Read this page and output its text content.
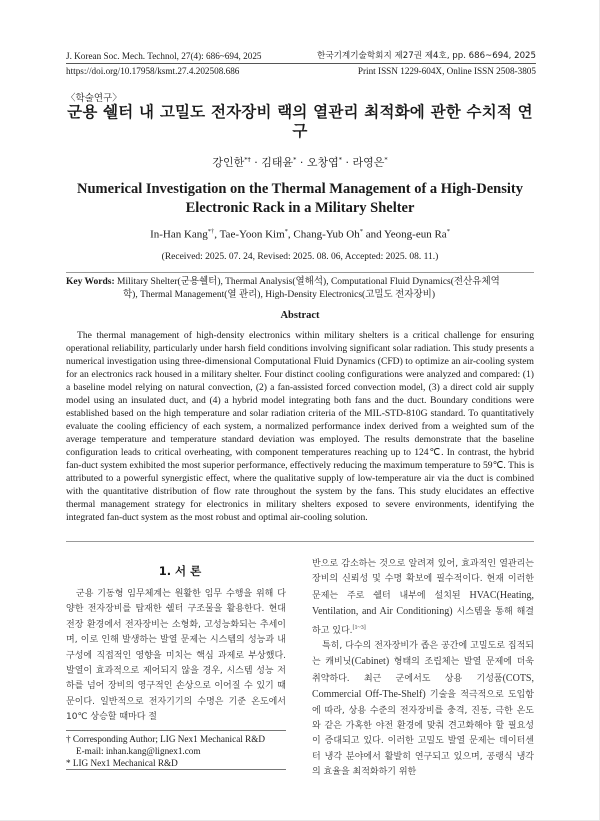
J. Korean Soc. Mech. Technol, 27(4): 686~694, 2025	한국기계기술학회지 제27권 제4호, pp. 686~694, 2025
https://doi.org/10.17958/ksmt.27.4.202508.686	Print ISSN 1229-604X, Online ISSN 2508-3805
〈학술연구〉
군용 쉘터 내 고밀도 전자장비 랙의 열관리 최적화에 관한 수치적 연구
강인한*† · 김태윤* · 오창엽* · 라영은*
Numerical Investigation on the Thermal Management of a High-Density Electronic Rack in a Military Shelter
In-Han Kang*†, Tae-Yoon Kim*, Chang-Yub Oh* and Yeong-eun Ra*
(Received: 2025. 07. 24, Revised: 2025. 08. 06, Accepted: 2025. 08. 11.)
Key Words: Military Shelter(군용쉘터), Thermal Analysis(열해석), Computational Fluid Dynamics(전산유체역
학), Thermal Management(열 관리), High-Density Electronics(고밀도 전자장비)
Abstract

The thermal management of high-density electronics within military shelters is a critical challenge for ensuring operational reliability, particularly under harsh field conditions involving significant solar radiation. This study presents a numerical investigation using three-dimensional Computational Fluid Dynamics (CFD) to optimize an air-cooling system for an electronics rack housed in a military shelter. Four distinct cooling configurations were analyzed and compared: (1) a baseline model relying on natural convection, (2) a fan-assisted forced convection model, (3) a direct cold air supply model using an insulated duct, and (4) a hybrid model integrating both fans and the duct. Boundary conditions were established based on the high temperature and solar radiation criteria of the MIL-STD-810G standard. To quantitatively evaluate the cooling efficiency of each system, a normalized performance index derived from a weighted sum of the average temperature and temperature standard deviation was employed. The results demonstrate that the baseline configuration leads to critical overheating, with component temperatures reaching up to 124℃. In contrast, the hybrid fan-duct system exhibited the most superior performance, effectively reducing the maximum temperature to 59℃. This is attributed to a powerful synergistic effect, where the qualitative supply of low-temperature air via the duct is combined with the quantitative distribution of flow rate throughout the system by the fans. This study elucidates an effective thermal management strategy for electronics in military shelters exposed to severe environments, identifying the integrated fan-duct system as the most robust and optimal air-cooling solution.

1. 서 론
군용 기동형 임무체계는 원활한 임무 수행을 위해 다양한 전자장비를 탑재한 쉘터 구조물을 활용한다. 현대 전장 환경에서 전자장비는 소형화, 고성능화되는 추세이며, 이로 인해 발생하는 발열 문제는 시스템의 성능과 내구성에 직접적인 영향을 미치는 핵심 과제로 부상했다. 발열이 효과적으로 제어되지 않을 경우, 시스템 성능 저하를 넘어 장비의 영구적인 손상으로 이어질 수 있기 때문이다. 일반적으로 전자기기의 수명은 기준 온도에서 10℃ 상승할 때마다 절

반으로 감소하는 것으로 알려져 있어, 효과적인 열관리는 장비의 신뢰성 및 수명 확보에 필수적이다. 현재 이러한 문제는 주로 쉘터 내부에 설치된 HVAC(Heating, Ventilation, and Air Conditioning) 시스템을 통해 해결하고 있다.[1~3]

특히, 다수의 전자장비가 좁은 공간에 고밀도로 집적되는 캐비닛(Cabinet) 형태의 조립체는 발열 문제에 더욱 취약하다. 최근 군에서도 상용 기성품(COTS, Commercial Off-The-Shelf) 기술을 적극적으로 도입함에 따라, 상용 수준의 전자장비를 충격, 진동, 극한 온도와 같은 가혹한 야전 환경에 맞춰 견고화해야 할 필요성이 증대되고 있다. 이러한 고밀도 발열 문제는 데이터센터 냉각 분야에서 활발히 연구되고 있으며, 공랭식 냉각의 효율을 최적화하기 위한

† Corresponding Author; LIG Nex1 Mechanical R&D
E-mail: inhan.kang@lignex1.com
* LIG Nex1 Mechanical R&D
